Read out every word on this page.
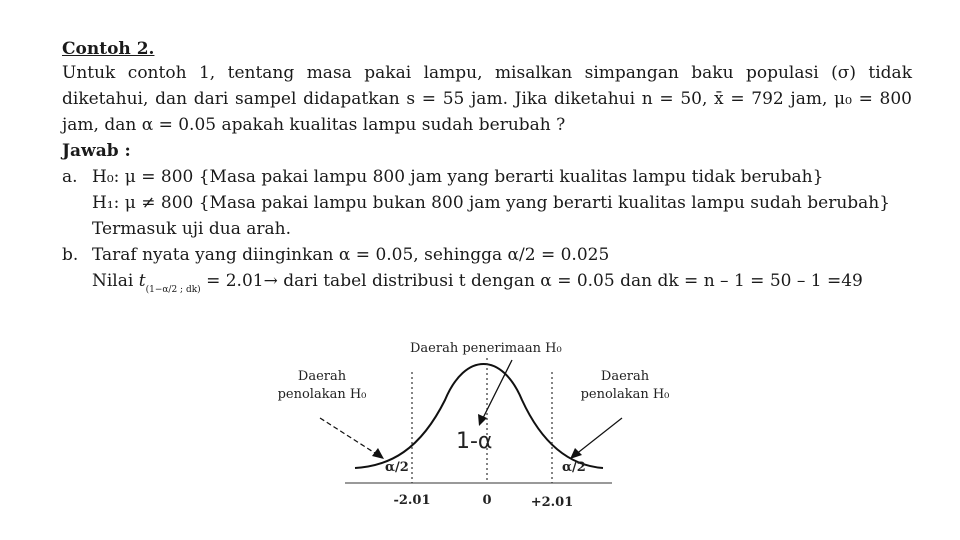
Contoh 2.

Untuk contoh 1, tentang masa pakai lampu, misalkan simpangan baku populasi (σ) tidak diketahui, dan dari sampel didapatkan s = 55 jam. Jika diketahui n = 50, x̄ = 792 jam, μ₀ = 800 jam, dan α = 0.05 apakah kualitas lampu sudah berubah ?

Jawab :

a. H₀: μ = 800 {Masa pakai lampu 800 jam yang berarti kualitas lampu tidak berubah}

H₁: μ ≠ 800 {Masa pakai lampu bukan 800 jam yang berarti kualitas lampu sudah berubah}

Termasuk uji dua arah.

b. Taraf nyata yang diinginkan α = 0.05, sehingga α/2 = 0.025

Nilai t(1−α/2 ; dk) = 2.01→ dari tabel distribusi t dengan α = 0.05 dan dk = n – 1 = 50 – 1 =49

Daerah penerimaan H₀
Daerah
penolakan H₀
Daerah
penolakan H₀
1-α
α/2	α/2
-2.01	0	+2.01
